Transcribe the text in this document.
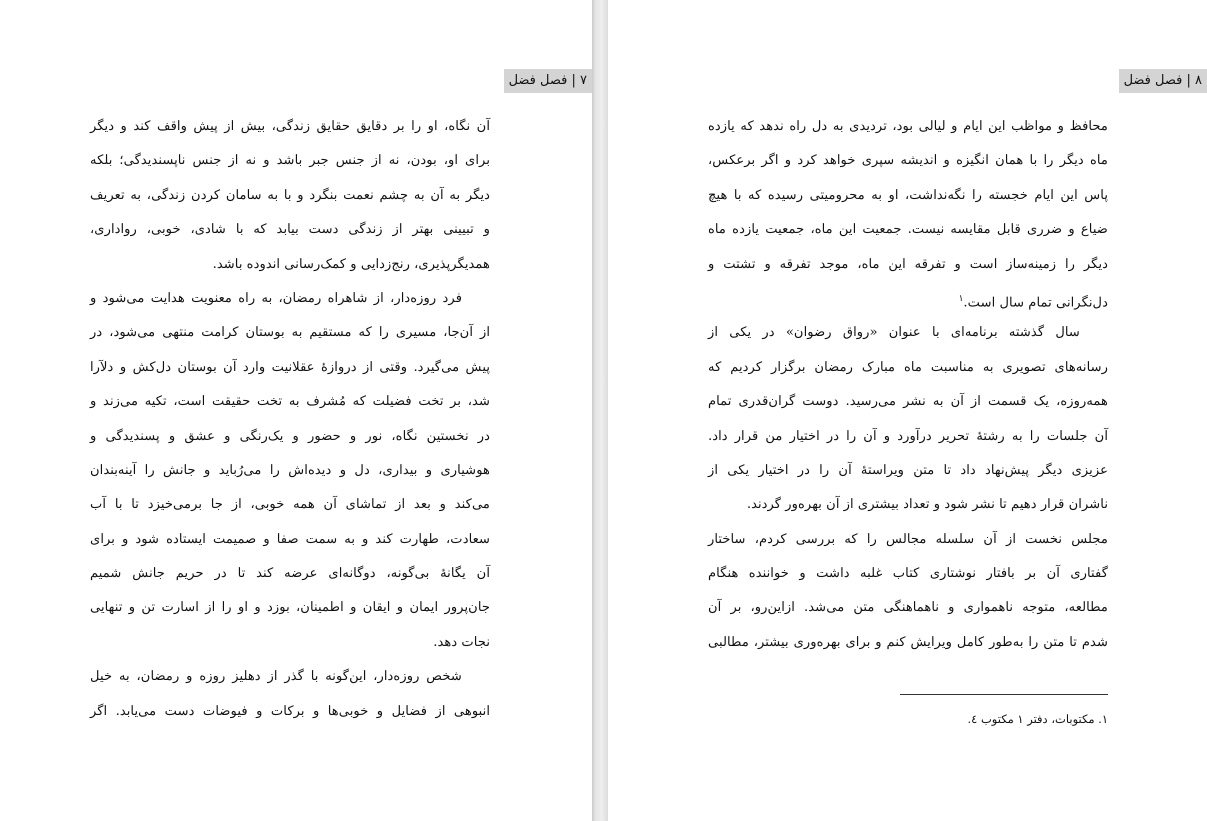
۷ | فصل فضل
آن نگاه، او را بر دقایق حقایق زندگی، بیش از پیش واقف کند و دیگر
برای او، بودن، نه از جنس جبر باشد و نه از جنس ناپسندیدگی؛ بلکه
دیگر به آن به چشم نعمت بنگرد و با به سامان کردن زندگی، به تعریف
و تبیینی بهتر از زندگی دست بیابد که با شادی، خوبی، رواداری،
همدیگرپذیری، رنج‌زدایی و کمک‌رسانی اندوده باشد.
فرد روزه‌دار، از شاهراه رمضان، به راه معنویت هدایت می‌شود و
از آن‌جا، مسیری را که مستقیم به بوستان کرامت منتهی می‌شود، در
پیش می‌گیرد. وقتی از دروازهٔ عقلانیت وارد آن بوستان دل‌کش و دلآرا
شد، بر تخت فضیلت که مُشرف به تخت حقیقت است، تکیه می‌زند و
در نخستین نگاه، نور و حضور و یک‌رنگی و عشق و پسندیدگی و
هوشیاری و بیداری، دل و دیده‌اش را می‌رُباید و جانش را آینه‌بندان
می‌کند و بعد از تماشای آن همه خوبی، از جا برمی‌خیزد تا با آب
سعادت، طهارت کند و به سمت صفا و صمیمت ایستاده شود و برای
آن یگانهٔ بی‌گونه، دوگانه‌ای عرضه کند تا در حریم جانش شمیم
جان‌پرور ایمان و ایقان و اطمینان، بوزد و او را از اسارت تن و تنهایی
نجات دهد.
شخص روزه‌دار، این‌گونه با گذر از دهلیز روزه و رمضان، به خیل
انبوهی از فضایل و خوبی‌ها و برکات و فیوضات دست می‌یابد. اگر
۸ | فصل فضل
محافظ و مواظب این ایام و لیالی بود، تردیدی به دل راه ندهد که یازده
ماه دیگر را با همان انگیزه و اندیشه سپری خواهد کرد و اگر برعکس،
پاس این ایام خجسته را نگه‌نداشت، او به محرومیتی رسیده که با هیچ
ضیاع و ضرری قابل مقایسه نیست. جمعیت این ماه، جمعیت یازده ماه
دیگر را زمینه‌ساز است و تفرقه این ماه، موجد تفرقه و تشتت و
دل‌نگرانی تمام سال است.$^۱$
سال گذشته برنامه‌ای با عنوان «رواق رضوان» در یکی از
رسانه‌های تصویری به مناسبت ماه مبارک رمضان برگزار کردیم که
همه‌روزه، یک قسمت از آن به نشر می‌رسید. دوست گران‌قدری تمام
آن جلسات را به رشتهٔ تحریر درآورد و آن را در اختیار من قرار داد.
عزیزی دیگر پیش‌نهاد داد تا متن ویراستهٔ آن را در اختیار یکی از
ناشران قرار دهیم تا نشر شود و تعداد بیشتری از آن بهره‌ور گردند.
مجلس نخست از آن سلسله مجالس را که بررسی کردم، ساختار
گفتاری آن بر بافتار نوشتاری کتاب غلبه داشت و خواننده هنگام
مطالعه، متوجه ناهمواری و ناهماهنگی متن می‌شد. ازاین‌رو، بر آن
شدم تا متن را به‌طور کامل ویرایش کنم و برای بهره‌وری بیشتر، مطالبی
۱. مکتوبات، دفتر ۱ مکتوب ٤.
